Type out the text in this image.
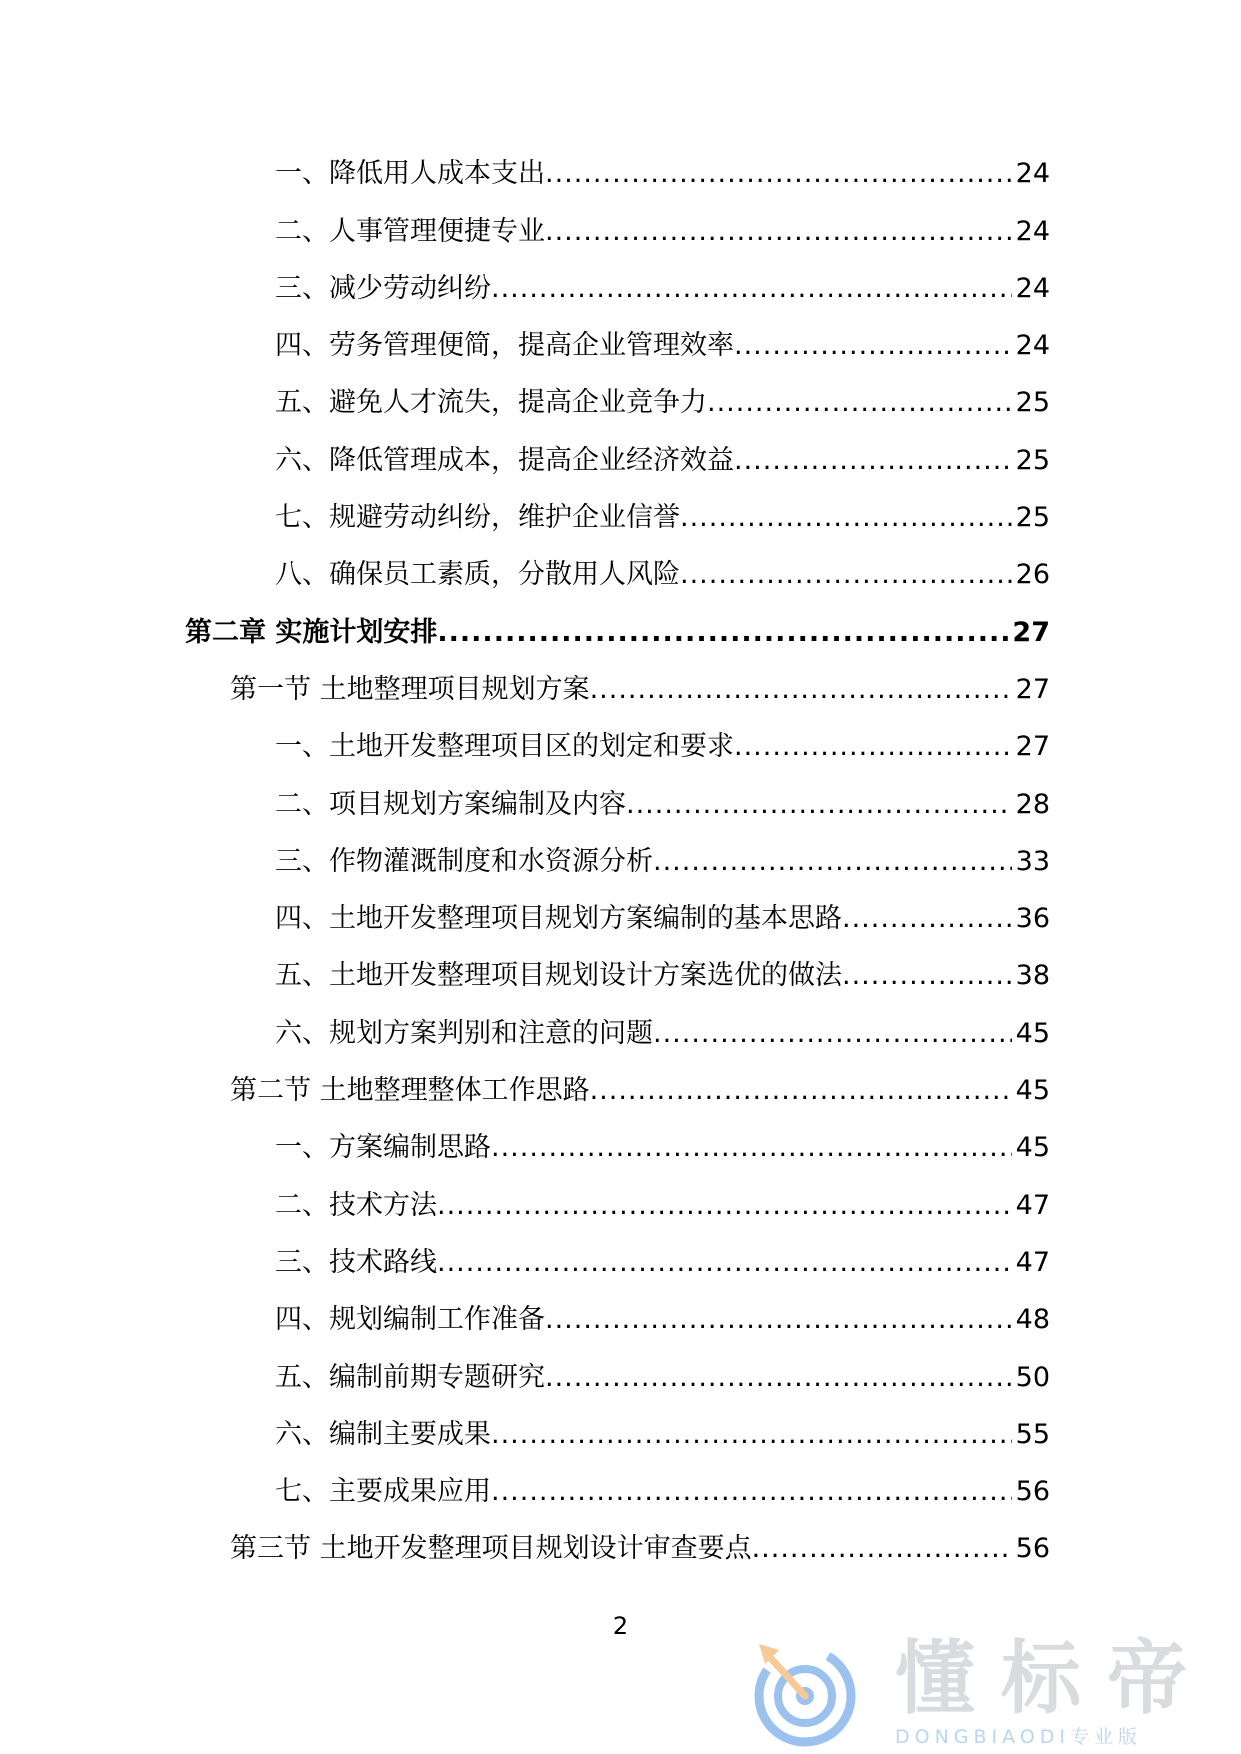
一、降低用人成本支出 .....	24
二、人事管理便捷专业 .....	24
三、减少劳动纠纷 .....	24
四、劳务管理便简，提高企业管理效率 .....	24
五、避免人才流失，提高企业竞争力 .....	25
六、降低管理成本，提高企业经济效益 .....	25
七、规避劳动纠纷，维护企业信誉 .....	25
八、确保员工素质，分散用人风险 .....	26
第二章 实施计划安排 .....	27
第一节 土地整理项目规划方案 .....	27
一、土地开发整理项目区的划定和要求 .....	27
二、项目规划方案编制及内容 .....	28
三、作物灌溉制度和水资源分析 .....	33
四、土地开发整理项目规划方案编制的基本思路 .....	36
五、土地开发整理项目规划设计方案选优的做法 .....	38
六、规划方案判别和注意的问题 .....	45
第二节 土地整理整体工作思路 .....	45
一、方案编制思路 .....	45
二、技术方法 .....	47
三、技术路线 .....	47
四、规划编制工作准备 .....	48
五、编制前期专题研究 .....	50
六、编制主要成果 .....	55
七、主要成果应用 .....	56
第三节 土地开发整理项目规划设计审查要点 .....	56
2
懂标帝
DONGBIAODI专业版
